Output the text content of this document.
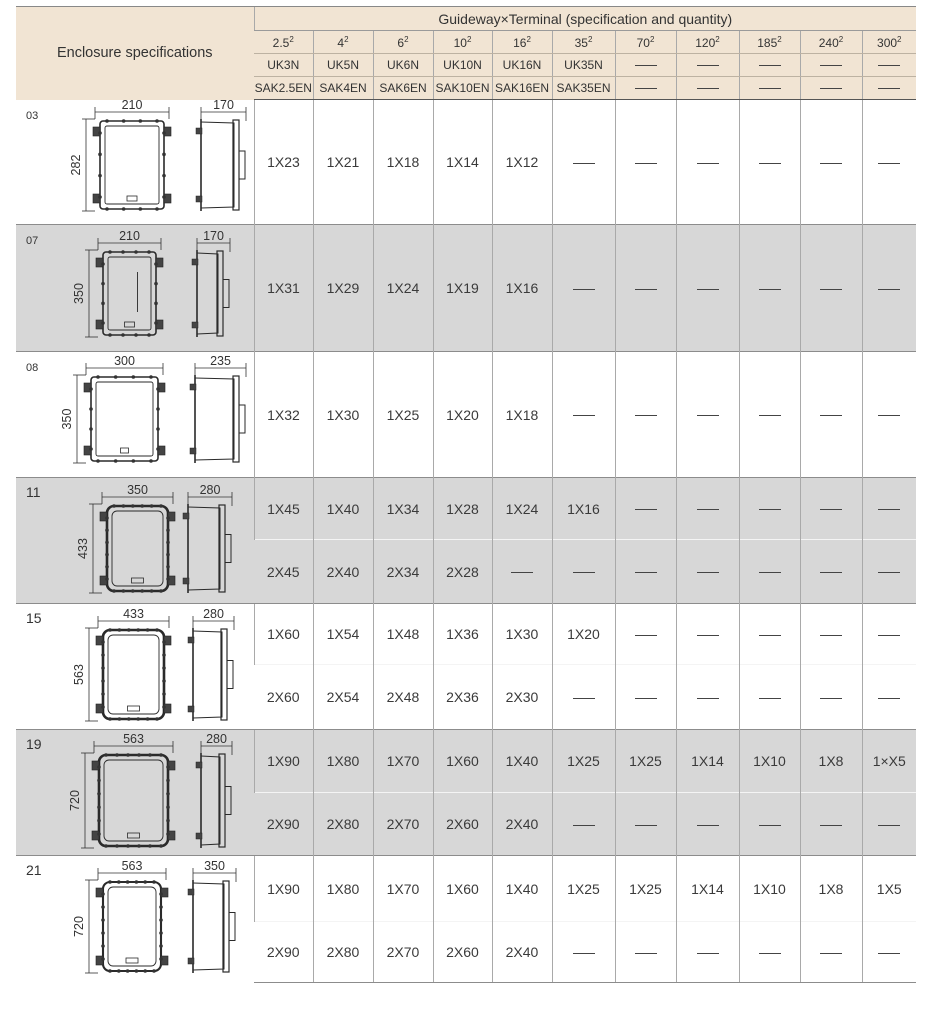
Enclosure specifications	Guideway×Terminal (specification and quantity)										
	$2.5^2$	$4^2$	$6^2$	$10^2$	$16^2$	$35^2$	$70^2$	$120^2$	$185^2$	$240^2$	$300^2$
	UK3N	UK5N	UK6N	UK10N	UK16N	UK35N					
	SAK2.5EN	SAK4EN	SAK6EN	SAK10EN	SAK16EN	SAK35EN					

03
210 170
282	1X23	1X21	1X18	1X14	1X12						

07 210 170
350	1X31	1X29	1X24	1X19	1X16						

08 300 235
350	1X32	1X30	1X25	1X20	1X18						

11 350 280
433	1X45	1X40	1X34	1X28	1X24	1X16					
	2X45	2X40	2X34	2X28							

15 433 280
563	1X60	1X54	1X48	1X36	1X30	1X20					
	2X60	2X54	2X48	2X36	2X30						

19 563 280
720	1X90	1X80	1X70	1X60	1X40	1X25	1X25	1X14	1X10	1X8	1×X5
	2X90	2X80	2X70	2X60	2X40						

21 563 350
720	1X90	1X80	1X70	1X60	1X40	1X25	1X25	1X14	1X10	1X8	1X5
	2X90	2X80	2X70	2X60	2X40						
